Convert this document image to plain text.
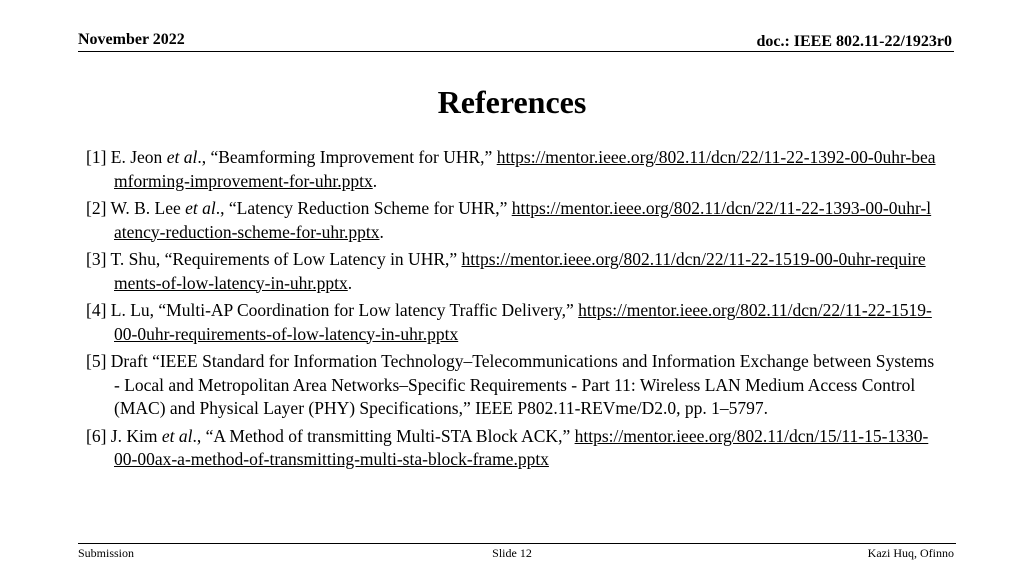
November 2022	doc.: IEEE 802.11-22/1923r0
References

[1] E. Jeon et al., “Beamforming Improvement for UHR,” https://mentor.ieee.org/802.11/dcn/22/11-22-1392-00-0uhr-beamforming-improvement-for-uhr.pptx.

[2] W. B. Lee et al., “Latency Reduction Scheme for UHR,” https://mentor.ieee.org/802.11/dcn/22/11-22-1393-00-0uhr-latency-reduction-scheme-for-uhr.pptx.

[3] T. Shu, “Requirements of Low Latency in UHR,” https://mentor.ieee.org/802.11/dcn/22/11-22-1519-00-0uhr-requirements-of-low-latency-in-uhr.pptx.

[4] L. Lu, “Multi-AP Coordination for Low latency Traffic Delivery,” https://mentor.ieee.org/802.11/dcn/22/11-22-1519-00-0uhr-requirements-of-low-latency-in-uhr.pptx

[5] Draft “IEEE Standard for Information Technology–Telecommunications and Information Exchange between Systems - Local and Metropolitan Area Networks–Specific Requirements - Part 11: Wireless LAN Medium Access Control (MAC) and Physical Layer (PHY) Specifications,” IEEE P802.11-REVme/D2.0, pp. 1–5797.

[6] J. Kim et al., “A Method of transmitting Multi-STA Block ACK,” https://mentor.ieee.org/802.11/dcn/15/11-15-1330-00-00ax-a-method-of-transmitting-multi-sta-block-frame.pptx

Submission	Slide 12	Kazi Huq, Ofinno
